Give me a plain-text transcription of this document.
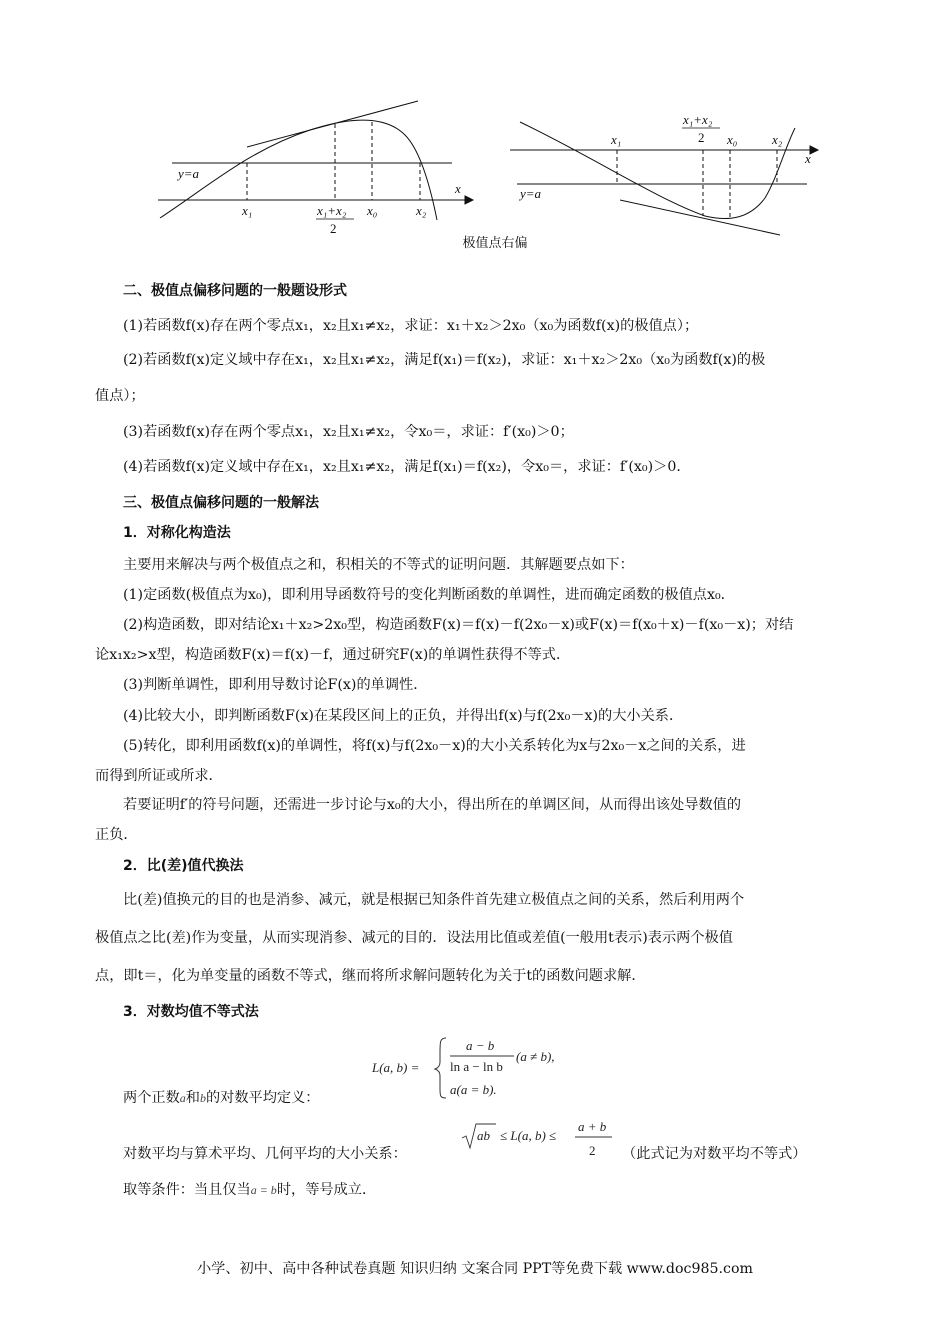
y=a
x
x₁	x₁+x₂
2
x₀	x₂
x₁
x₁+x₂
2 x₀	x₂
x
y=a
极值点右偏
二、极值点偏移问题的一般题设形式
(1)若函数f(x)存在两个零点x₁，x₂且x₁≠x₂，求证：x₁＋x₂＞2x₀（x₀为函数f(x)的极值点）；
(2)若函数f(x)定义域中存在x₁，x₂且x₁≠x₂，满足f(x₁)＝f(x₂)，求证：x₁＋x₂＞2x₀（x₀为函数f(x)的极
值点）；
(3)若函数f(x)存在两个零点x₁，x₂且x₁≠x₂，令x₀＝，求证：f′(x₀)＞0；
(4)若函数f(x)定义域中存在x₁，x₂且x₁≠x₂，满足f(x₁)＝f(x₂)，令x₀＝，求证：f′(x₀)＞0．
三、极值点偏移问题的一般解法
1．对称化构造法
主要用来解决与两个极值点之和，积相关的不等式的证明问题．其解题要点如下：
(1)定函数(极值点为x₀)，即利用导函数符号的变化判断函数的单调性，进而确定函数的极值点x₀．
(2)构造函数，即对结论x₁＋x₂>2x₀型，构造函数F(x)＝f(x)－f(2x₀－x)或F(x)＝f(x₀＋x)－f(x₀－x)；对结
论x₁x₂>x型，构造函数F(x)＝f(x)－f，通过研究F(x)的单调性获得不等式．
(3)判断单调性，即利用导数讨论F(x)的单调性．
(4)比较大小，即判断函数F(x)在某段区间上的正负，并得出f(x)与f(2x₀－x)的大小关系．
(5)转化，即利用函数f(x)的单调性，将f(x)与f(2x₀－x)的大小关系转化为x与2x₀－x之间的关系，进
而得到所证或所求．
若要证明f′的符号问题，还需进一步讨论与x₀的大小，得出所在的单调区间，从而得出该处导数值的
正负．
2．比(差)值代换法
比(差)值换元的目的也是消参、减元，就是根据已知条件首先建立极值点之间的关系，然后利用两个
极值点之比(差)作为变量，从而实现消参、减元的目的．设法用比值或差值(一般用t表示)表示两个极值
点，即t＝，化为单变量的函数不等式，继而将所求解问题转化为关于t的函数问题求解．
3．对数均值不等式法
L(a, b) =
a − b
ln a − ln b
(a ≠ b),
a(a = b).
两个正数a和b的对数平均定义：
ab ≤ L(a, b) ≤
a + b
2
对数平均与算术平均、几何平均的大小关系：	（此式记为对数平均不等式）
取等条件：当且仅当a = b时，等号成立．
小学、初中、高中各种试卷真题 知识归纳 文案合同 PPT等免费下载 www.doc985.com
